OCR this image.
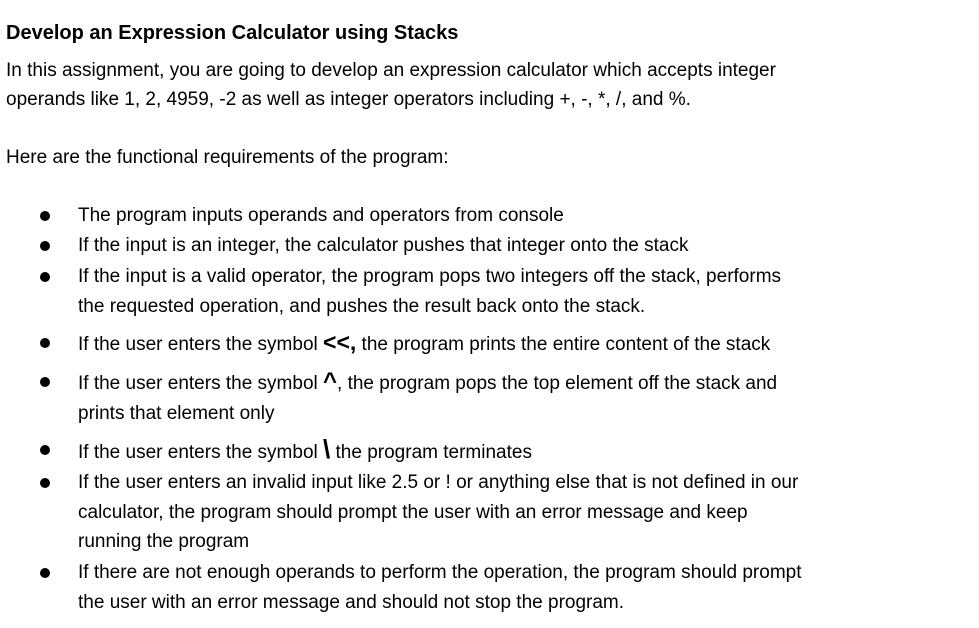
Develop an Expression Calculator using Stacks
In this assignment, you are going to develop an expression calculator which accepts integer
operands like 1, 2, 4959, -2 as well as integer operators including +, -, *, /, and %.
Here are the functional requirements of the program:
The program inputs operands and operators from console
If the input is an integer, the calculator pushes that integer onto the stack
If the input is a valid operator, the program pops two integers off the stack, performs
the requested operation, and pushes the result back onto the stack.
If the user enters the symbol <<, the program prints the entire content of the stack
If the user enters the symbol ^, the program pops the top element off the stack and
prints that element only
If the user enters the symbol \ the program terminates
If the user enters an invalid input like 2.5 or ! or anything else that is not defined in our
calculator, the program should prompt the user with an error message and keep
running the program
If there are not enough operands to perform the operation, the program should prompt
the user with an error message and should not stop the program.
